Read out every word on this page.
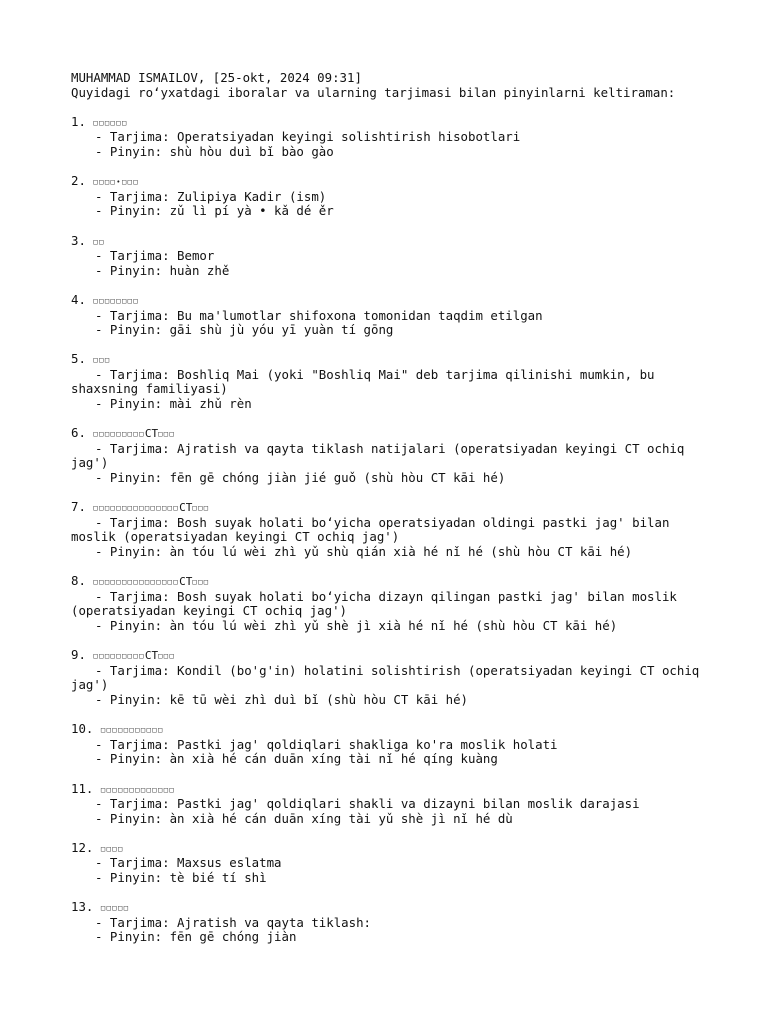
MUHAMMAD ISMAILOV, [25-okt, 2024 09:31]

Quyidagi roʻyxatdagi iboralar va ularning tarjimasi bilan pinyinlarni keltiraman:

1. □□□□□□

- Tarjima: Operatsiyadan keyingi solishtirish hisobotlari

- Pinyin: shù hòu duì bǐ bào gào

2. □□□□•□□□

- Tarjima: Zulipiya Kadir (ism)

- Pinyin: zǔ lì pí yà • kǎ dé ěr

3. □□

- Tarjima: Bemor

- Pinyin: huàn zhě

4. □□□□□□□□

- Tarjima: Bu ma'lumotlar shifoxona tomonidan taqdim etilgan

- Pinyin: gāi shù jù yóu yī yuàn tí gōng

5. □□□

- Tarjima: Boshliq Mai (yoki "Boshliq Mai" deb tarjima qilinishi mumkin, bu shaxsning familiyasi)

- Pinyin: mài zhǔ rèn

6. □□□□□□□□□CT□□□

- Tarjima: Ajratish va qayta tiklash natijalari (operatsiyadan keyingi CT ochiq jag')

- Pinyin: fēn gē chóng jiàn jié guǒ (shù hòu CT kāi hé)

7. □□□□□□□□□□□□□□□CT□□□

- Tarjima: Bosh suyak holati boʻyicha operatsiyadan oldingi pastki jag' bilan moslik (operatsiyadan keyingi CT ochiq jag')

- Pinyin: àn tóu lú wèi zhì yǔ shù qián xià hé nǐ hé (shù hòu CT kāi hé)

8. □□□□□□□□□□□□□□□CT□□□

- Tarjima: Bosh suyak holati boʻyicha dizayn qilingan pastki jag' bilan moslik (operatsiyadan keyingi CT ochiq jag')

- Pinyin: àn tóu lú wèi zhì yǔ shè jì xià hé nǐ hé (shù hòu CT kāi hé)

9. □□□□□□□□□CT□□□

- Tarjima: Kondil (bo'g'in) holatini solishtirish (operatsiyadan keyingi CT ochiq jag')

- Pinyin: kē tū wèi zhì duì bǐ (shù hòu CT kāi hé)

10. □□□□□□□□□□□

- Tarjima: Pastki jag' qoldiqlari shakliga ko'ra moslik holati

- Pinyin: àn xià hé cán duān xíng tài nǐ hé qíng kuàng

11. □□□□□□□□□□□□□

- Tarjima: Pastki jag' qoldiqlari shakli va dizayni bilan moslik darajasi

- Pinyin: àn xià hé cán duān xíng tài yǔ shè jì nǐ hé dù

12. □□□□

- Tarjima: Maxsus eslatma

- Pinyin: tè bié tí shì

13. □□□□□

- Tarjima: Ajratish va qayta tiklash:

- Pinyin: fēn gē chóng jiàn
